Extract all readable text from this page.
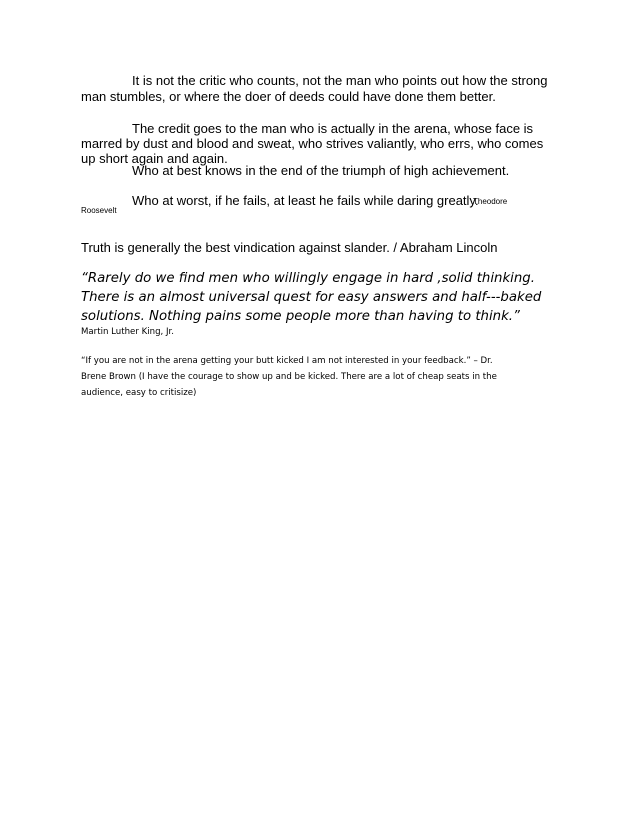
It is not the critic who counts, not the man who points out how the strong
man stumbles, or where the doer of deeds could have done them better.
The credit goes to the man who is actually in the arena, whose face is
marred by dust and blood and sweat, who strives valiantly, who errs, who comes
up short again and again.
Who at best knows in the end of the triumph of high achievement.
Who at worst, if he fails, at least he fails while daring greatly.
Theodore
Roosevelt
Truth is generally the best vindication against slander. / Abraham Lincoln
“Rarely do we find men who willingly engage in hard ,solid thinking.
There is an almost universal quest for easy answers and half---baked
solutions. Nothing pains some people more than having to think.”
Martin Luther King, Jr.
“If you are not in the arena getting your butt kicked I am not interested in your feedback.” – Dr.
Brene Brown (I have the courage to show up and be kicked. There are a lot of cheap seats in the
audience, easy to critisize)
